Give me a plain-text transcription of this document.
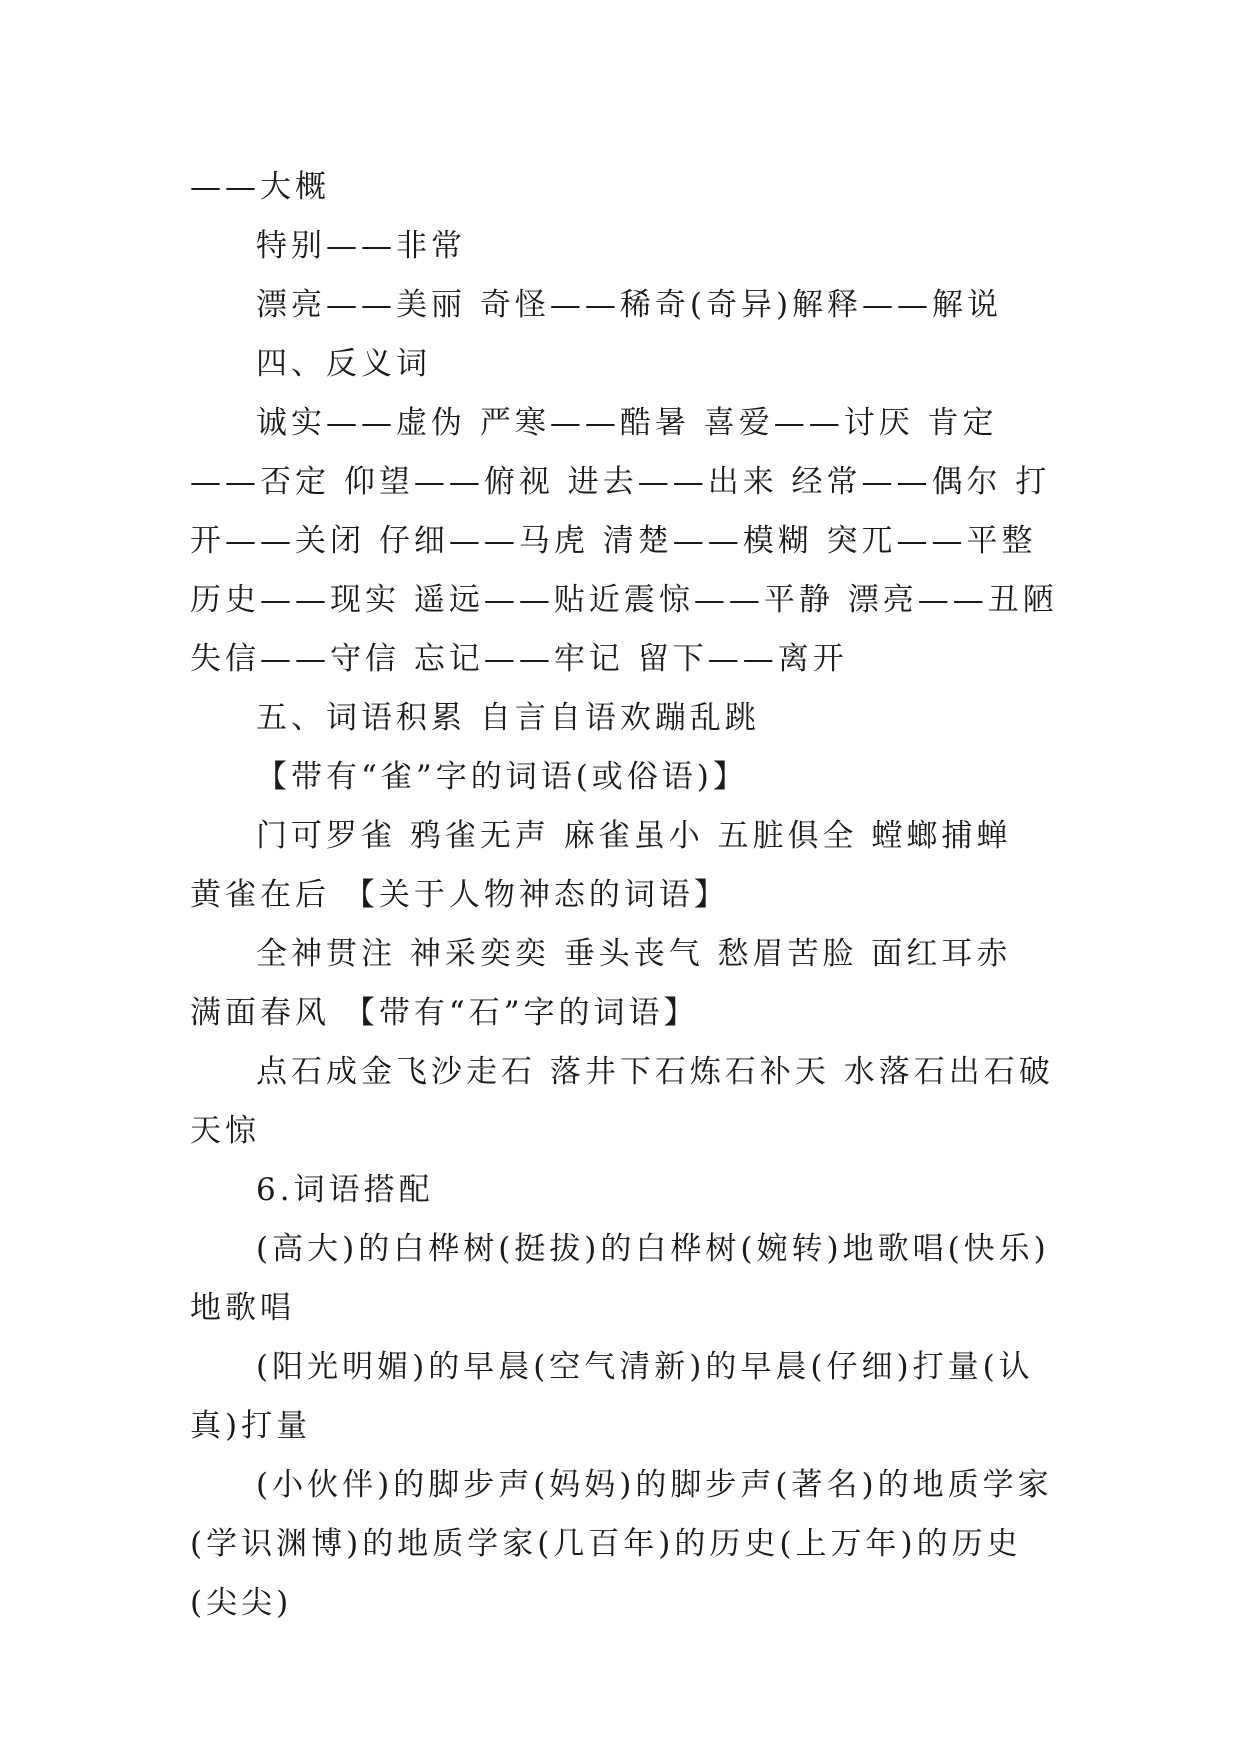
——大概

特别——非常

漂亮——美丽 奇怪——稀奇(奇异)解释——解说

四、反义词

诚实——虚伪 严寒——酷暑 喜爱——讨厌 肯定——否定 仰望——俯视 进去——出来 经常——偶尔 打开——关闭 仔细——马虎 清楚——模糊 突兀——平整 历史——现实 遥远——贴近震惊——平静 漂亮——丑陋 失信——守信 忘记——牢记 留下——离开

五、词语积累 自言自语欢蹦乱跳

【带有“雀”字的词语(或俗语)】

门可罗雀 鸦雀无声 麻雀虽小 五脏俱全 螳螂捕蝉 黄雀在后 【关于人物神态的词语】

全神贯注 神采奕奕 垂头丧气 愁眉苦脸 面红耳赤 满面春风 【带有“石”字的词语】

点石成金飞沙走石 落井下石炼石补天 水落石出石破天惊

6.词语搭配

(高大)的白桦树(挺拔)的白桦树(婉转)地歌唱(快乐)地歌唱

(阳光明媚)的早晨(空气清新)的早晨(仔细)打量(认真)打量

(小伙伴)的脚步声(妈妈)的脚步声(著名)的地质学家(学识渊博)的地质学家(几百年)的历史(上万年)的历史(尖尖)
